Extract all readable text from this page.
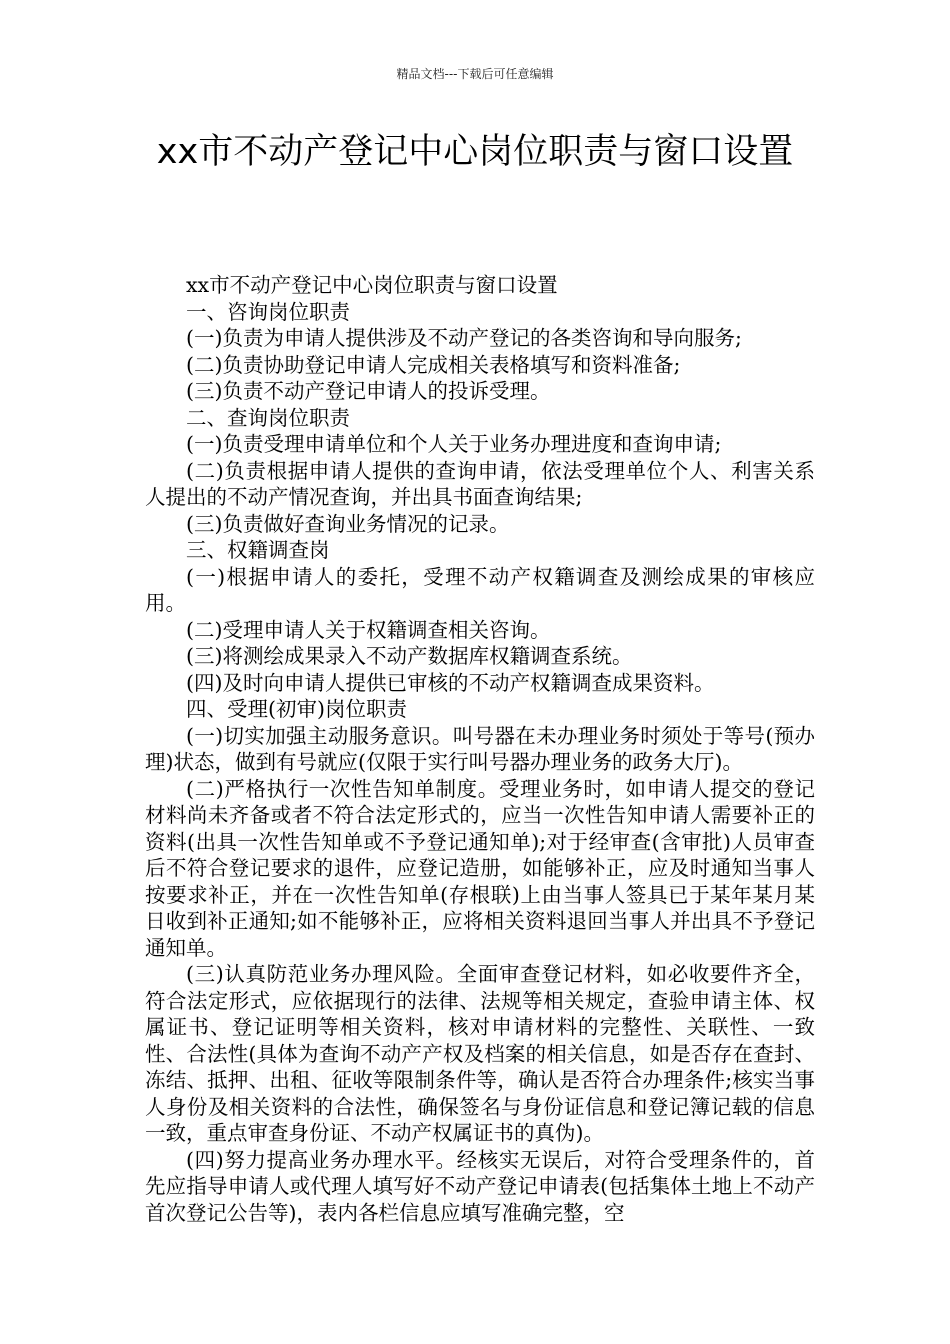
精品文档---下载后可任意编辑
xx市不动产登记中心岗位职责与窗口设置

xx市不动产登记中心岗位职责与窗口设置

一、咨询岗位职责

(一)负责为申请人提供涉及不动产登记的各类咨询和导向服务;

(二)负责协助登记申请人完成相关表格填写和资料准备;

(三)负责不动产登记申请人的投诉受理。

二、查询岗位职责

(一)负责受理申请单位和个人关于业务办理进度和查询申请;

(二)负责根据申请人提供的查询申请，依法受理单位个人、利害关系人提出的不动产情况查询，并出具书面查询结果;

(三)负责做好查询业务情况的记录。

三、权籍调查岗

(一)根据申请人的委托，受理不动产权籍调查及测绘成果的审核应用。

(二)受理申请人关于权籍调查相关咨询。

(三)将测绘成果录入不动产数据库权籍调查系统。

(四)及时向申请人提供已审核的不动产权籍调查成果资料。

四、受理(初审)岗位职责

(一)切实加强主动服务意识。叫号器在未办理业务时须处于等号(预办理)状态，做到有号就应(仅限于实行叫号器办理业务的政务大厅)。

(二)严格执行一次性告知单制度。受理业务时，如申请人提交的登记材料尚未齐备或者不符合法定形式的，应当一次性告知申请人需要补正的资料(出具一次性告知单或不予登记通知单);对于经审查(含审批)人员审查后不符合登记要求的退件，应登记造册，如能够补正，应及时通知当事人按要求补正，并在一次性告知单(存根联)上由当事人签具已于某年某月某日收到补正通知;如不能够补正，应将相关资料退回当事人并出具不予登记通知单。

(三)认真防范业务办理风险。全面审查登记材料，如必收要件齐全，符合法定形式，应依据现行的法律、法规等相关规定，查验申请主体、权属证书、登记证明等相关资料，核对申请材料的完整性、关联性、一致性、合法性(具体为查询不动产产权及档案的相关信息，如是否存在查封、冻结、抵押、出租、征收等限制条件等，确认是否符合办理条件;核实当事人身份及相关资料的合法性，确保签名与身份证信息和登记簿记载的信息一致，重点审查身份证、不动产权属证书的真伪)。

(四)努力提高业务办理水平。经核实无误后，对符合受理条件的，首先应指导申请人或代理人填写好不动产登记申请表(包括集体土地上不动产首次登记公告等)，表内各栏信息应填写准确完整，空
